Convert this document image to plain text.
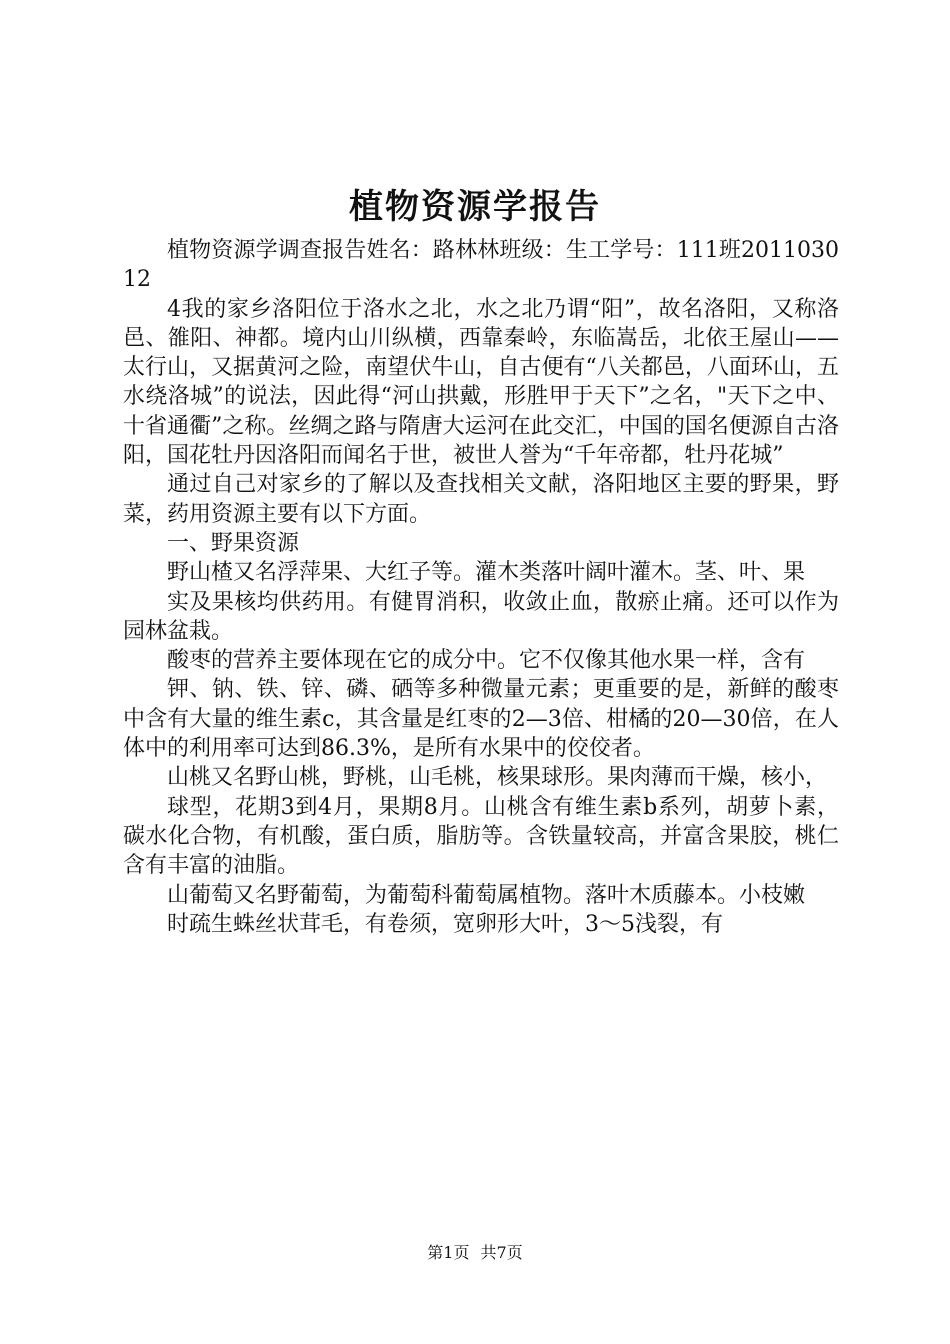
植物资源学报告

植物资源学调查报告姓名：路林林班级：生工学号：111班201103012

4我的家乡洛阳位于洛水之北，水之北乃谓“阳”，故名洛阳，又称洛邑、雒阳、神都。境内山川纵横，西靠秦岭，东临嵩岳，北依王屋山——太行山，又据黄河之险，南望伏牛山，自古便有“八关都邑，八面环山，五水绕洛城”的说法，因此得“河山拱戴，形胜甲于天下”之名，"天下之中、十省通衢”之称。丝绸之路与隋唐大运河在此交汇，中国的国名便源自古洛阳，国花牡丹因洛阳而闻名于世，被世人誉为“千年帝都，牡丹花城”

通过自己对家乡的了解以及查找相关文献，洛阳地区主要的野果，野菜，药用资源主要有以下方面。

一、野果资源

野山楂又名浮萍果、大红子等。灌木类落叶阔叶灌木。茎、叶、果

实及果核均供药用。有健胃消积，收敛止血，散瘀止痛。还可以作为园林盆栽。

酸枣的营养主要体现在它的成分中。它不仅像其他水果一样，含有

钾、钠、铁、锌、磷、硒等多种微量元素；更重要的是，新鲜的酸枣中含有大量的维生素c，其含量是红枣的2—3倍、柑橘的20—30倍，在人体中的利用率可达到86.3%，是所有水果中的佼佼者。

山桃又名野山桃，野桃，山毛桃，核果球形。果肉薄而干燥，核小，

球型，花期3到4月，果期8月。山桃含有维生素b系列，胡萝卜素，碳水化合物，有机酸，蛋白质，脂肪等。含铁量较高，并富含果胶，桃仁含有丰富的油脂。

山葡萄又名野葡萄，为葡萄科葡萄属植物。落叶木质藤本。小枝嫩

时疏生蛛丝状茸毛，有卷须，宽卵形大叶，3～5浅裂，有

第1页 共7页
